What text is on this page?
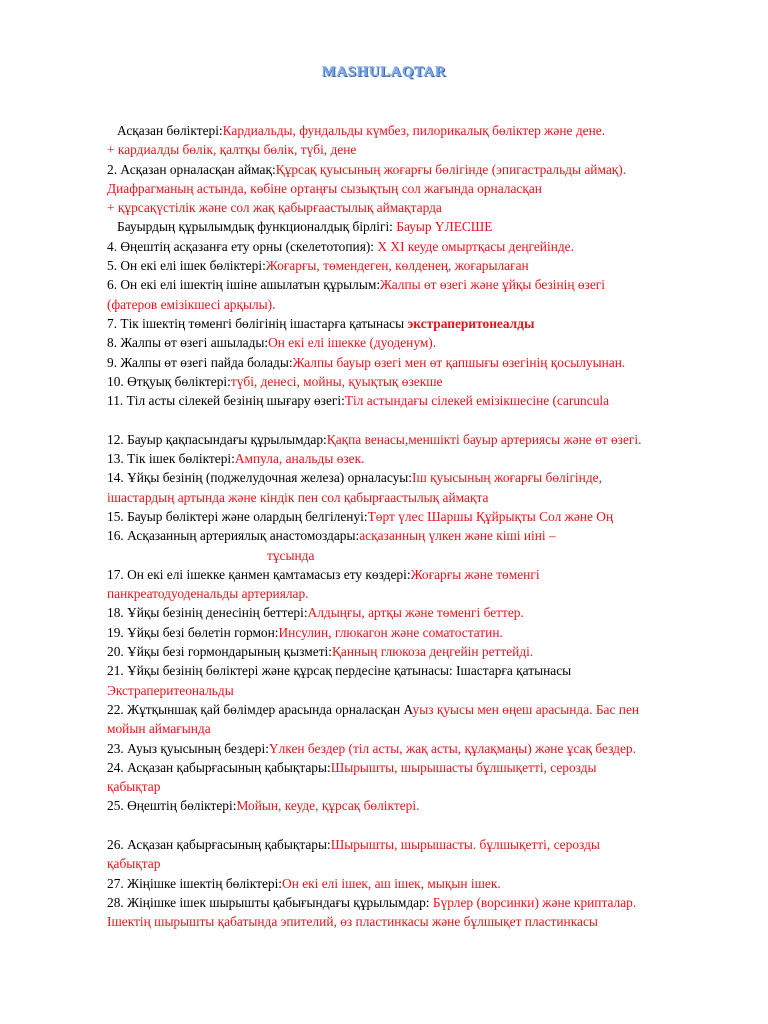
MASHULAQTAR
Асқазан бөліктері:Кардиальды, фундальды күмбез, пилорикалық бөліктер және дене.
+ кардиалды бөлік, қалтқы бөлік, түбі, дене
2. Асқазан орналасқан аймақ:Құрсақ қуысының жоғарғы бөлігінде (эпигастральды аймақ).
Диафрагманың астында, көбіне ортаңғы сызықтың сол жағында орналасқан
+ құрсақүстілік және сол жақ қабырғаастылық аймақтарда
Бауырдың құрылымдық функционалдық бірлігі: Бауыр ҮЛЕСШЕ
4. Өңештің асқазанға ету орны (скелетотопия): X XI кеуде омыртқасы деңгейінде.
5. Он екі елі ішек бөліктері:Жоғарғы, төмендеген, көлденең, жоғарылаған
6. Он екі елі ішектің ішіне ашылатын құрылым:Жалпы өт өзегі және ұйқы безінің өзегі
(фатеров емізікшесі арқылы).
7. Тік ішектің төменгі бөлігінің ішастарға қатынасы экстраперитонеалды
8. Жалпы өт өзегі ашылады:Он екі елі ішекке (дуоденум).
9. Жалпы өт өзегі пайда болады:Жалпы бауыр өзегі мен өт қапшығы өзегінің қосылуынан.
10. Өтқуық бөліктері:түбі, денесі, мойны, қуықтық өзекше
11. Тіл асты сілекей безінің шығару өзегі:Тіл астындағы сілекей емізікшесіне (caruncula
12. Бауыр қақпасындағы құрылымдар:Қақпа венасы,меншікті бауыр артериясы және өт өзегі.
13. Тік ішек бөліктері:Ампула, анальды өзек.
14. Ұйқы безінің (поджелудочная железа) орналасуы:Іш қуысының жоғарғы бөлігінде,
ішастардың артында және кіндік пен сол қабырғаастылық аймақта
15. Бауыр бөліктері және олардың белгіленуі:Төрт үлес Шаршы Құйрықты Сол және Оң
16. Асқазанның артериялық анастомоздары:асқазанның үлкен және кіші иіні –
тұсында
17. Он екі елі ішекке қанмен қамтамасыз ету көздері:Жоғарғы және төменгі
панкреатодуоденальды артериялар.
18. Ұйқы безінің денесінің беттері:Алдыңғы, артқы және төменгі беттер.
19. Ұйқы безі бөлетін гормон:Инсулин, глюкагон және соматостатин.
20. Ұйқы безі гормондарының қызметі:Қанның глюкоза деңгейін реттейді.
21. Ұйқы безінің бөліктері және құрсақ пердесіне қатынасы: Ішастарға қатынасы
Экстраперитеональды
22. Жұтқыншақ қай бөлімдер арасында орналасқан Ауыз қуысы мен өңеш арасында. Бас пен
мойын аймағында
23. Ауыз қуысының бездері:Үлкен бездер (тіл асты, жақ асты, құлақмаңы) және ұсақ бездер.
24. Асқазан қабырғасының қабықтары:Шырышты, шырышасты бұлшықетті, серозды
қабықтар
25. Өңештің бөліктері:Мойын, кеуде, құрсақ бөліктері.
26. Асқазан қабырғасының қабықтары:Шырышты, шырышасты. бұлшықетті, серозды
қабықтар
27. Жіңішке ішектің бөліктері:Он екі елі ішек, аш ішек, мықын ішек.
28. Жіңішке ішек шырышты қабығындағы құрылымдар: Бүрлер (ворсинки) және крипталар.
Ішектің шырышты қабатында эпителий, өз пластинкасы және бұлшықет пластинкасы
